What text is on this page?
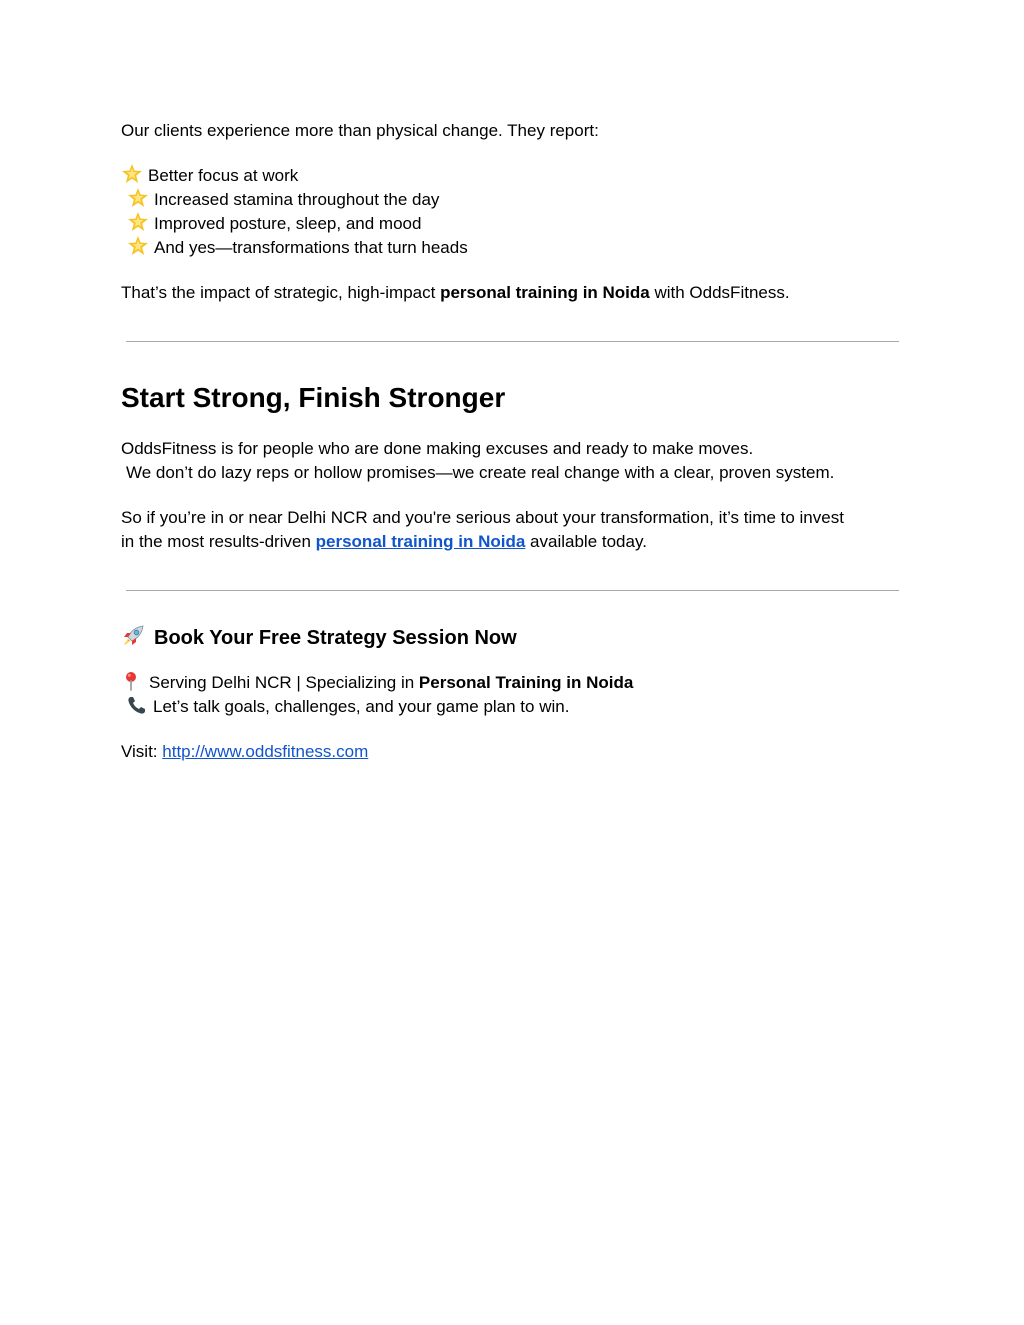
Our clients experience more than physical change. They report:

Better focus at work

Increased stamina throughout the day

Improved posture, sleep, and mood

And yes—transformations that turn heads

That’s the impact of strategic, high-impact personal training in Noida with OddsFitness.

Start Strong, Finish Stronger

OddsFitness is for people who are done making excuses and ready to make moves.

We don’t do lazy reps or hollow promises—we create real change with a clear, proven system.

So if you’re in or near Delhi NCR and you're serious about your transformation, it’s time to invest

in the most results-driven personal training in Noida available today.

Book Your Free Strategy Session Now

Serving Delhi NCR | Specializing in Personal Training in Noida

Let’s talk goals, challenges, and your game plan to win.

Visit: http://www.oddsfitness.com
